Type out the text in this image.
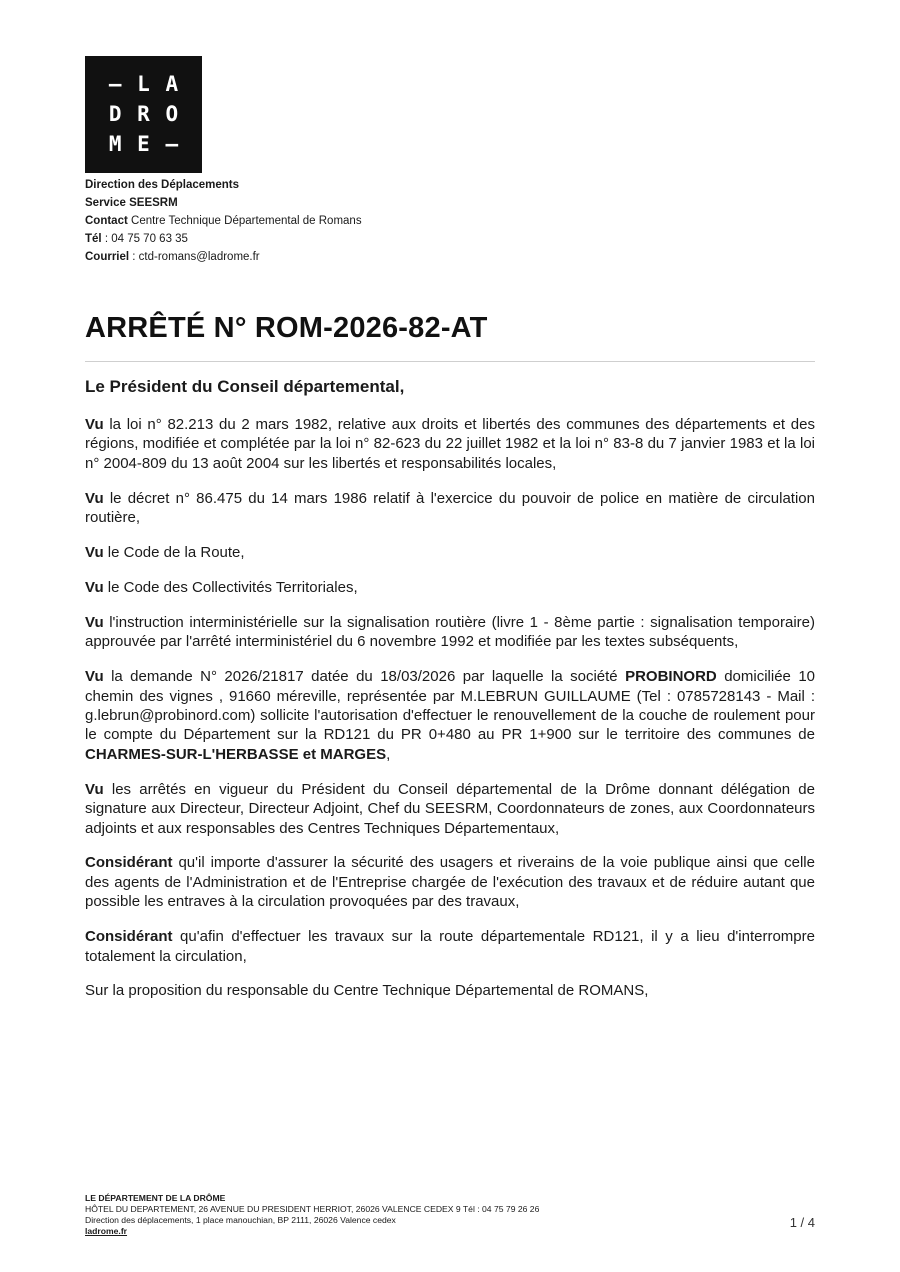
– L A
D R O
M E –
Direction des Déplacements
Service SEESRM
Contact Centre Technique Départemental de Romans
Tél : 04 75 70 63 35
Courriel : ctd-romans@ladrome.fr
ARRÊTÉ N° ROM-2026-82-AT
Le Président du Conseil départemental,

Vu la loi n° 82.213 du 2 mars 1982, relative aux droits et libertés des communes des départements et des régions, modifiée et complétée par la loi n° 82-623 du 22 juillet 1982 et la loi n° 83-8 du 7 janvier 1983 et la loi n° 2004-809 du 13 août 2004 sur les libertés et responsabilités locales,

Vu le décret n° 86.475 du 14 mars 1986 relatif à l'exercice du pouvoir de police en matière de circulation routière,

Vu le Code de la Route,

Vu le Code des Collectivités Territoriales,

Vu l'instruction interministérielle sur la signalisation routière (livre 1 - 8ème partie : signalisation temporaire) approuvée par l'arrêté interministériel du 6 novembre 1992 et modifiée par les textes subséquents,

Vu la demande N° 2026/21817 datée du 18/03/2026 par laquelle la société PROBINORD domiciliée 10 chemin des vignes , 91660 méreville, représentée par M.LEBRUN GUILLAUME (Tel : 0785728143 - Mail : g.lebrun@probinord.com) sollicite l'autorisation d'effectuer le renouvellement de la couche de roulement pour le compte du Département sur la RD121 du PR 0+480 au PR 1+900 sur le territoire des communes de CHARMES-SUR-L'HERBASSE et MARGES,

Vu les arrêtés en vigueur du Président du Conseil départemental de la Drôme donnant délégation de signature aux Directeur, Directeur Adjoint, Chef du SEESRM, Coordonnateurs de zones, aux Coordonnateurs adjoints et aux responsables des Centres Techniques Départementaux,

Considérant qu'il importe d'assurer la sécurité des usagers et riverains de la voie publique ainsi que celle des agents de l'Administration et de l'Entreprise chargée de l'exécution des travaux et de réduire autant que possible les entraves à la circulation provoquées par des travaux,

Considérant qu'afin d'effectuer les travaux sur la route départementale RD121, il y a lieu d'interrompre totalement la circulation,

Sur la proposition du responsable du Centre Technique Départemental de ROMANS,

LE DÉPARTEMENT DE LA DRÔME
HÔTEL DU DEPARTEMENT, 26 AVENUE DU PRESIDENT HERRIOT, 26026 VALENCE CEDEX 9 Tél : 04 75 79 26 26
Direction des déplacements, 1 place manouchian, BP 2111, 26026 Valence cedex
ladrome.fr
1 / 4
